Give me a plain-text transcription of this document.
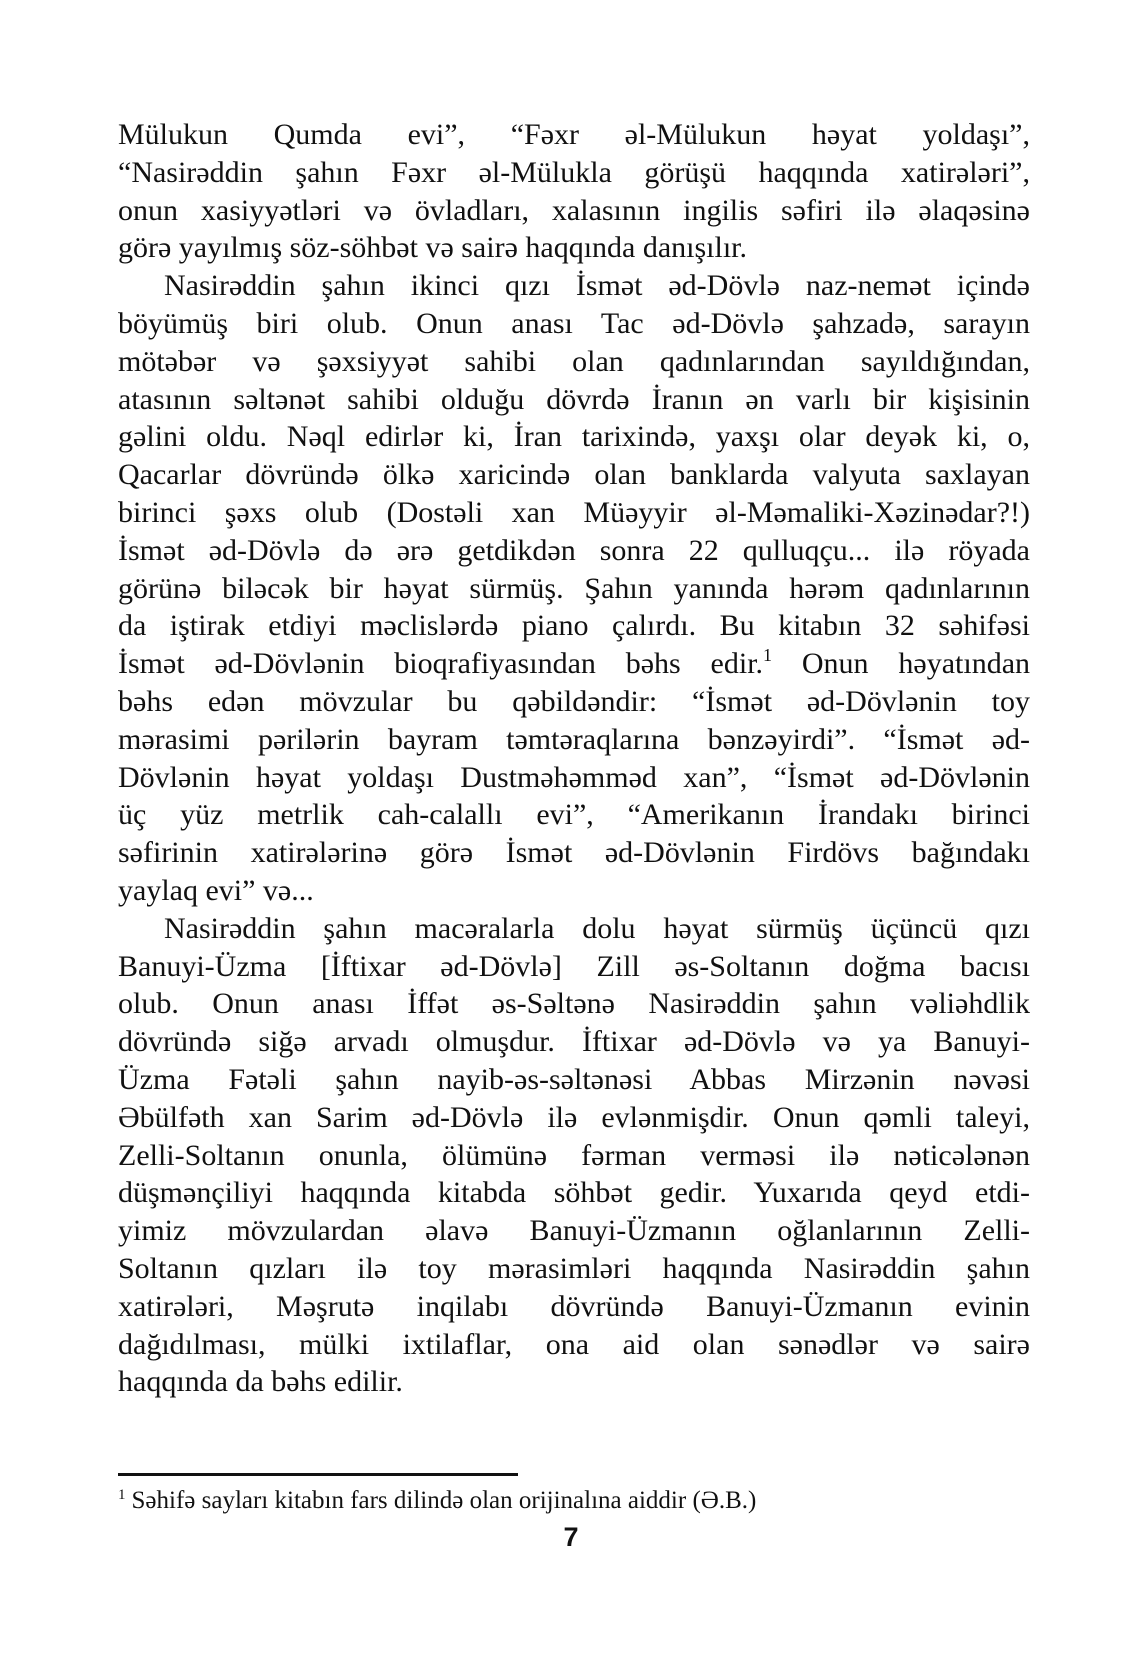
Mülukun Qumda evi”, “Fəxr əl-Mülukun həyat yoldaşı”,
“Nasirəddin şahın Fəxr əl-Mülukla görüşü haqqında xatirələri”,
onun xasiyyətləri və övladları, xalasının ingilis səfiri ilə əlaqəsinə
görə yayılmış söz-söhbət və sairə haqqında danışılır.
Nasirəddin şahın ikinci qızı İsmət əd-Dövlə naz-nemət içində
böyümüş biri olub. Onun anası Tac əd-Dövlə şahzadə, sarayın
mötəbər və şəxsiyyət sahibi olan qadınlarından sayıldığından,
atasının səltənət sahibi olduğu dövrdə İranın ən varlı bir kişisinin
gəlini oldu. Nəql edirlər ki, İran tarixində, yaxşı olar deyək ki, o,
Qacarlar dövründə ölkə xaricində olan banklarda valyuta saxlayan
birinci şəxs olub (Dostəli xan Müəyyir əl-Məmaliki-Xəzinədar?!)
İsmət əd-Dövlə də ərə getdikdən sonra 22 qulluqçu... ilə röyada
görünə biləcək bir həyat sürmüş. Şahın yanında hərəm qadınlarının
da iştirak etdiyi məclislərdə piano çalırdı. Bu kitabın 32 səhifəsi
İsmət əd-Dövlənin bioqrafiyasından bəhs edir.$^1$ Onun həyatından
bəhs edən mövzular bu qəbildəndir: “İsmət əd-Dövlənin toy
mərasimi pərilərin bayram təmtəraqlarına bənzəyirdi”. “İsmət əd-
Dövlənin həyat yoldaşı Dustməhəmməd xan”, “İsmət əd-Dövlənin
üç yüz metrlik cah-calallı evi”, “Amerikanın İrandakı birinci
səfirinin xatirələrinə görə İsmət əd-Dövlənin Firdövs bağındakı
yaylaq evi” və...
Nasirəddin şahın macəralarla dolu həyat sürmüş üçüncü qızı
Banuyi-Üzma [İftixar əd-Dövlə] Zill əs-Soltanın doğma bacısı
olub. Onun anası İffət əs-Səltənə Nasirəddin şahın vəliəhdlik
dövründə siğə arvadı olmuşdur. İftixar əd-Dövlə və ya Banuyi-
Üzma Fətəli şahın nayib-əs-səltənəsi Abbas Mirzənin nəvəsi
Əbülfəth xan Sarim əd-Dövlə ilə evlənmişdir. Onun qəmli taleyi,
Zelli-Soltanın onunla, ölümünə fərman verməsi ilə nəticələnən
düşmənçiliyi haqqında kitabda söhbət gedir. Yuxarıda qeyd etdi-
yimiz mövzulardan əlavə Banuyi-Üzmanın oğlanlarının Zelli-
Soltanın qızları ilə toy mərasimləri haqqında Nasirəddin şahın
xatirələri, Məşrutə inqilabı dövründə Banuyi-Üzmanın evinin
dağıdılması, mülki ixtilaflar, ona aid olan sənədlər və sairə
haqqında da bəhs edilir.
$^1$ Səhifə sayları kitabın fars dilində olan orijinalına aiddir (Ə.B.)
7
